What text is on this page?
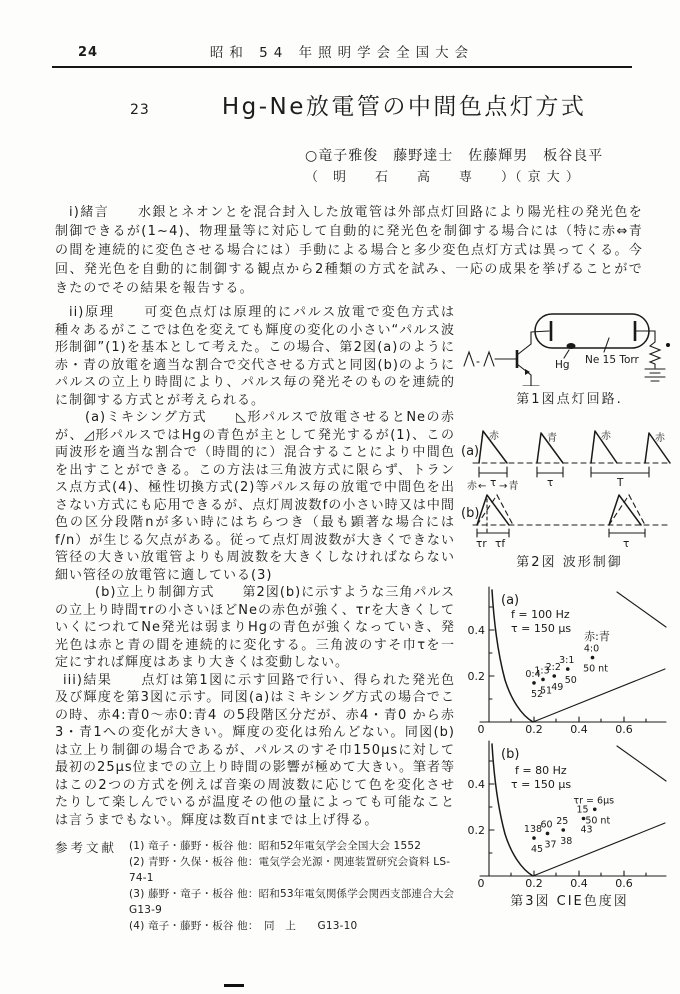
24	昭和 54 年照明学会全国大会
23	Hg-Ne放電管の中間色点灯方式
○竜子雅俊　藤野達士　佐藤輝男　板谷良平
（　明　　石　　高　　専　　）（ 京 大 ）

i)緒言　　水銀とネオンとを混合封入した放電管は外部点灯回路により陽光柱の発光色を制御できるが(1~4)、物理量等に対応して自動的に発光色を制御する場合には（特に赤⇔青の間を連続的に変色させる場合には）手動による場合と多少変色点灯方式は異ってくる。今回、発光色を自動的に制御する観点から2種類の方式を試み、一応の成果を挙げることができたのでその結果を報告する。

ii)原理　　可変色点灯は原理的にパルス放電で変色方式は種々あるがここでは色を変えても輝度の変化の小さい“パルス波形制御”(1)を基本として考えた。この場合、第2図(a)のように赤・青の放電を適当な割合で交代させる方式と同図(b)のようにパルスの立上り時間により、パルス毎の発光そのものを連続的に制御する方式とが考えられる。

(a)ミキシング方式　　◺形パルスで放電させるとNeの赤が、◿形パルスではHgの青色が主として発光するが(1)、この両波形を適当な割合で（時間的に）混合することにより中間色を出すことができる。この方法は三角波方式に限らず、トランス点方式(4)、極性切換方式(2)等パルス毎の放電で中間色を出さない方式にも応用できるが、点灯周波数fの小さい時又は中間色の区分段階nが多い時にはちらつき（最も顕著な場合にはf/n）が生じる欠点がある。従って点灯周波数が大きくできない管径の大きい放電管よりも周波数を大きくしなければならない細い管径の放電管に適している(3)

(b)立上り制御方式　　第2図(b)に示すような三角パルスの立上り時間τrの小さいほどNeの赤色が強く、τrを大きくしていくにつれてNe発光は弱まりHgの青色が強くなっていき、発光色は赤と青の間を連続的に変化する。三角波のすそ巾τを一定にすれば輝度はあまり大きくは変動しない。

iii)結果　　点灯は第1図に示す回路で行い、得られた発光色及び輝度を第3図に示す。同図(a)はミキシング方式の場合でこの時、赤4:青0～赤0:青4 の5段階区分だが、赤4・青0 から赤3・青1への変化が大きい。輝度の変化は殆んどない。同図(b)は立上り制御の場合であるが、パルスのすそ巾150μsに対して最初の25μs位までの立上り時間の影響が極めて大きい。筆者等はこの2つの方式を例えば音楽の周波数に応じて色を変化させたりして楽しんでいるが温度その他の量によっても可能なことは言うまでもない。輝度は数百ntまでは上げ得る。

参考文献 (1) 竜子・藤野・板谷 他：昭和52年電気学会全国大会 1552
(2) 青野・久保・板谷 他：電気学会光源・関連装置研究会資料 LS-74-1
(3) 藤野・竜子・板谷 他：昭和53年電気関係学会関西支部連合大会 G13-9
(4) 竜子・藤野・板谷 他：　同　上　　G13-10
Hg Ne 15 Torr
第1図点灯回路.
(a)
赤	青	赤	赤
τ	τ	T
(b)
赤← →青
τr τf	τ
第2図 波形制御
0	0.2	0.4	0.6
0.2
0.4
(a)
f = 100 Hz
τ = 150 μs
赤:青
0:4
52
1:3
51
2:2
49
3:1
50
4:0
50 nt
0	0.2	0.4	0.6
0.2
0.4
(b)
f = 80 Hz
τ = 150 μs
138
45
60
37
25
38
15
43
τr = 6μs
50 nt
第3図 CIE色度図
